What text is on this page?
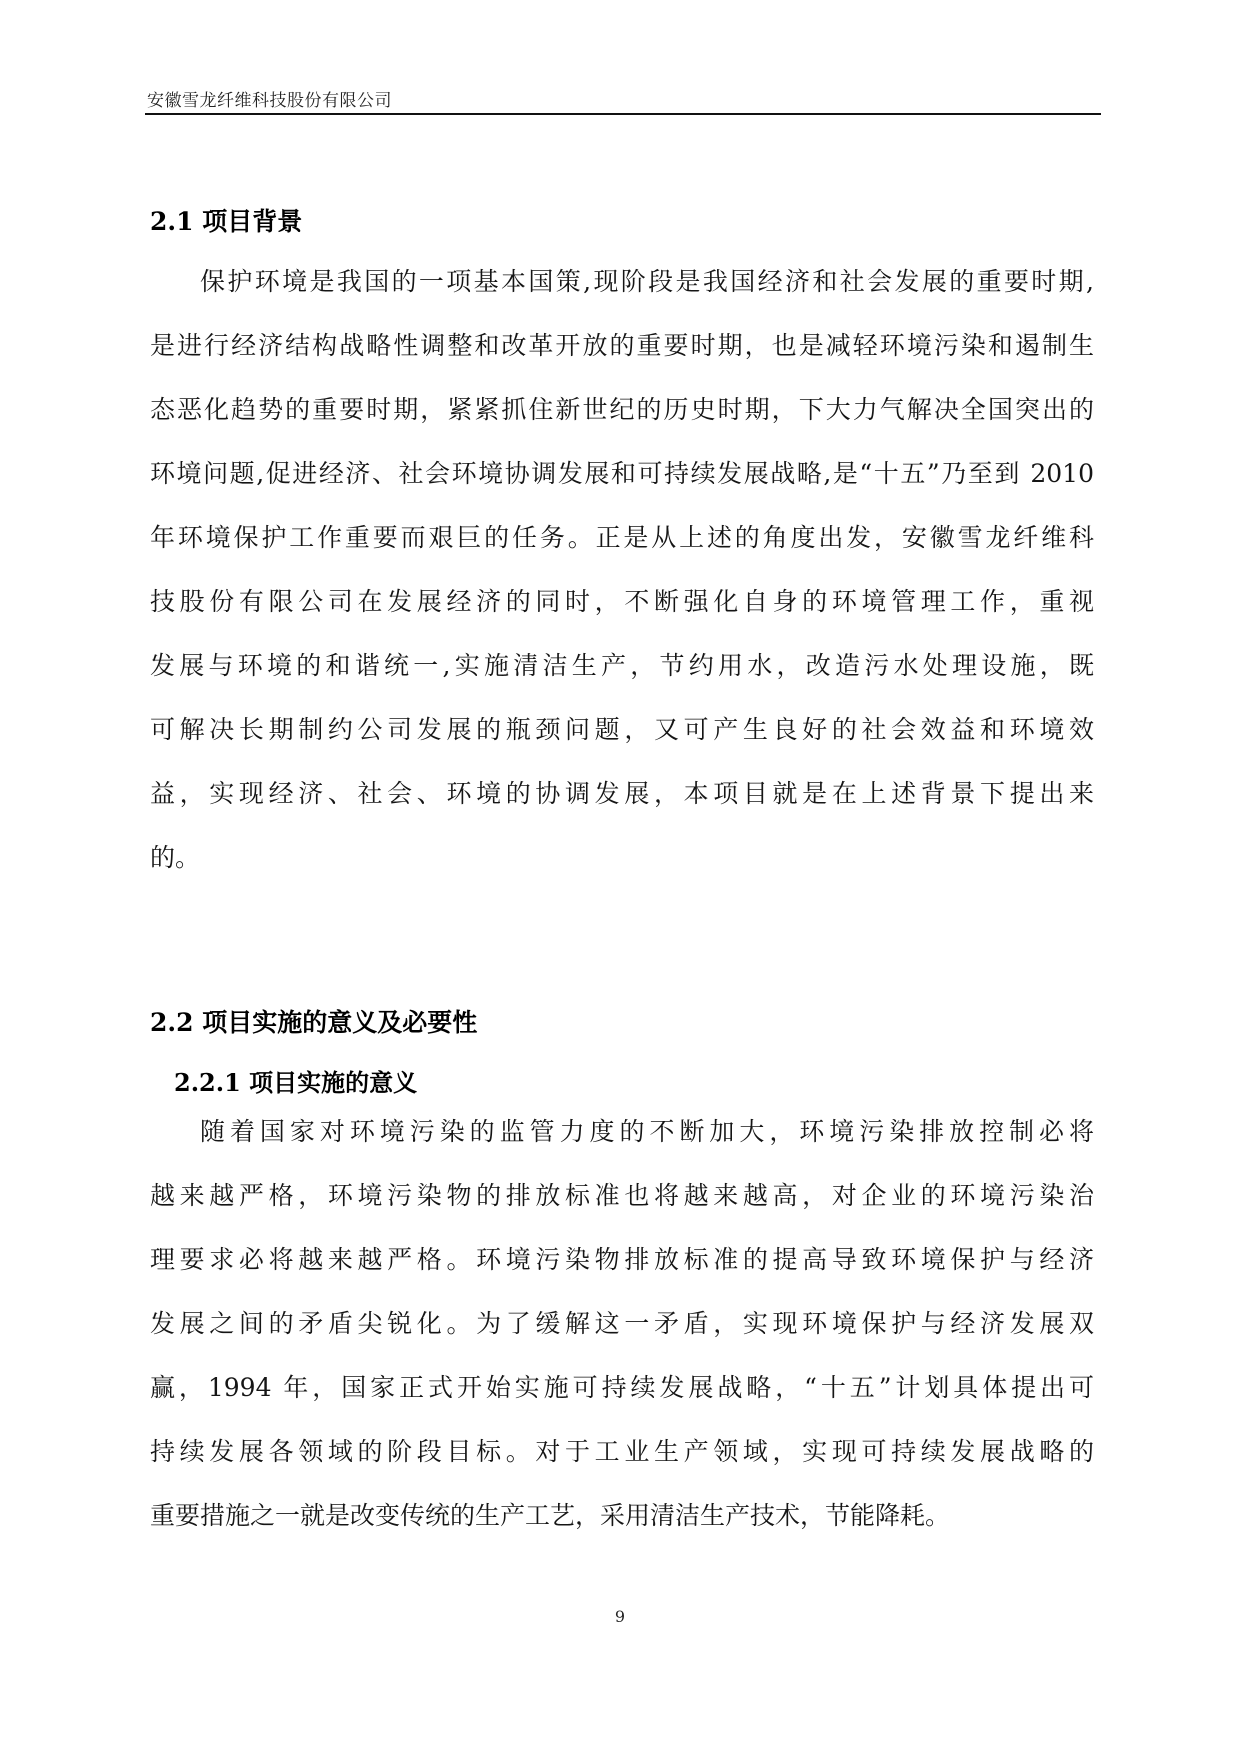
安徽雪龙纤维科技股份有限公司
2.1 项目背景
保护环境是我国的一项基本国策,现阶段是我国经济和社会发展的重要时期,
是进行经济结构战略性调整和改革开放的重要时期，也是减轻环境污染和遏制生
态恶化趋势的重要时期，紧紧抓住新世纪的历史时期，下大力气解决全国突出的
环境问题,促进经济、社会环境协调发展和可持续发展战略,是“十五”乃至到 2010
年环境保护工作重要而艰巨的任务。正是从上述的角度出发，安徽雪龙纤维科
技股份有限公司在发展经济的同时，不断强化自身的环境管理工作，重视
发展与环境的和谐统一,实施清洁生产，节约用水，改造污水处理设施，既
可解决长期制约公司发展的瓶颈问题，又可产生良好的社会效益和环境效
益，实现经济、社会、环境的协调发展，本项目就是在上述背景下提出来
的。
2.2 项目实施的意义及必要性
2.2.1 项目实施的意义
随着国家对环境污染的监管力度的不断加大，环境污染排放控制必将
越来越严格，环境污染物的排放标准也将越来越高，对企业的环境污染治
理要求必将越来越严格。环境污染物排放标准的提高导致环境保护与经济
发展之间的矛盾尖锐化。为了缓解这一矛盾，实现环境保护与经济发展双
赢，1994 年，国家正式开始实施可持续发展战略，“十五”计划具体提出可
持续发展各领域的阶段目标。对于工业生产领域，实现可持续发展战略的
重要措施之一就是改变传统的生产工艺，采用清洁生产技术，节能降耗。
9
